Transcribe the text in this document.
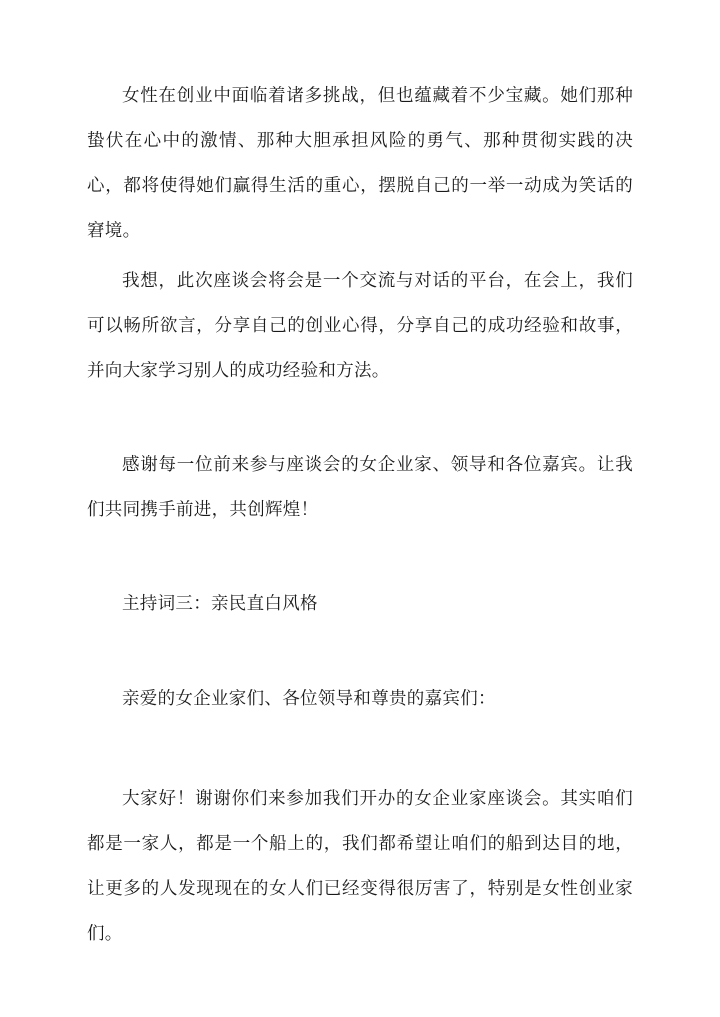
女性在创业中面临着诸多挑战，但也蕴藏着不少宝藏。她们那种蛰伏在心中的激情、那种大胆承担风险的勇气、那种贯彻实践的决心，都将使得她们赢得生活的重心，摆脱自己的一举一动成为笑话的窘境。

我想，此次座谈会将会是一个交流与对话的平台，在会上，我们可以畅所欲言，分享自己的创业心得，分享自己的成功经验和故事，并向大家学习别人的成功经验和方法。

感谢每一位前来参与座谈会的女企业家、领导和各位嘉宾。让我们共同携手前进，共创辉煌！

主持词三：亲民直白风格

亲爱的女企业家们、各位领导和尊贵的嘉宾们：

大家好！谢谢你们来参加我们开办的女企业家座谈会。其实咱们都是一家人，都是一个船上的，我们都希望让咱们的船到达目的地，让更多的人发现现在的女人们已经变得很厉害了，特别是女性创业家们。
